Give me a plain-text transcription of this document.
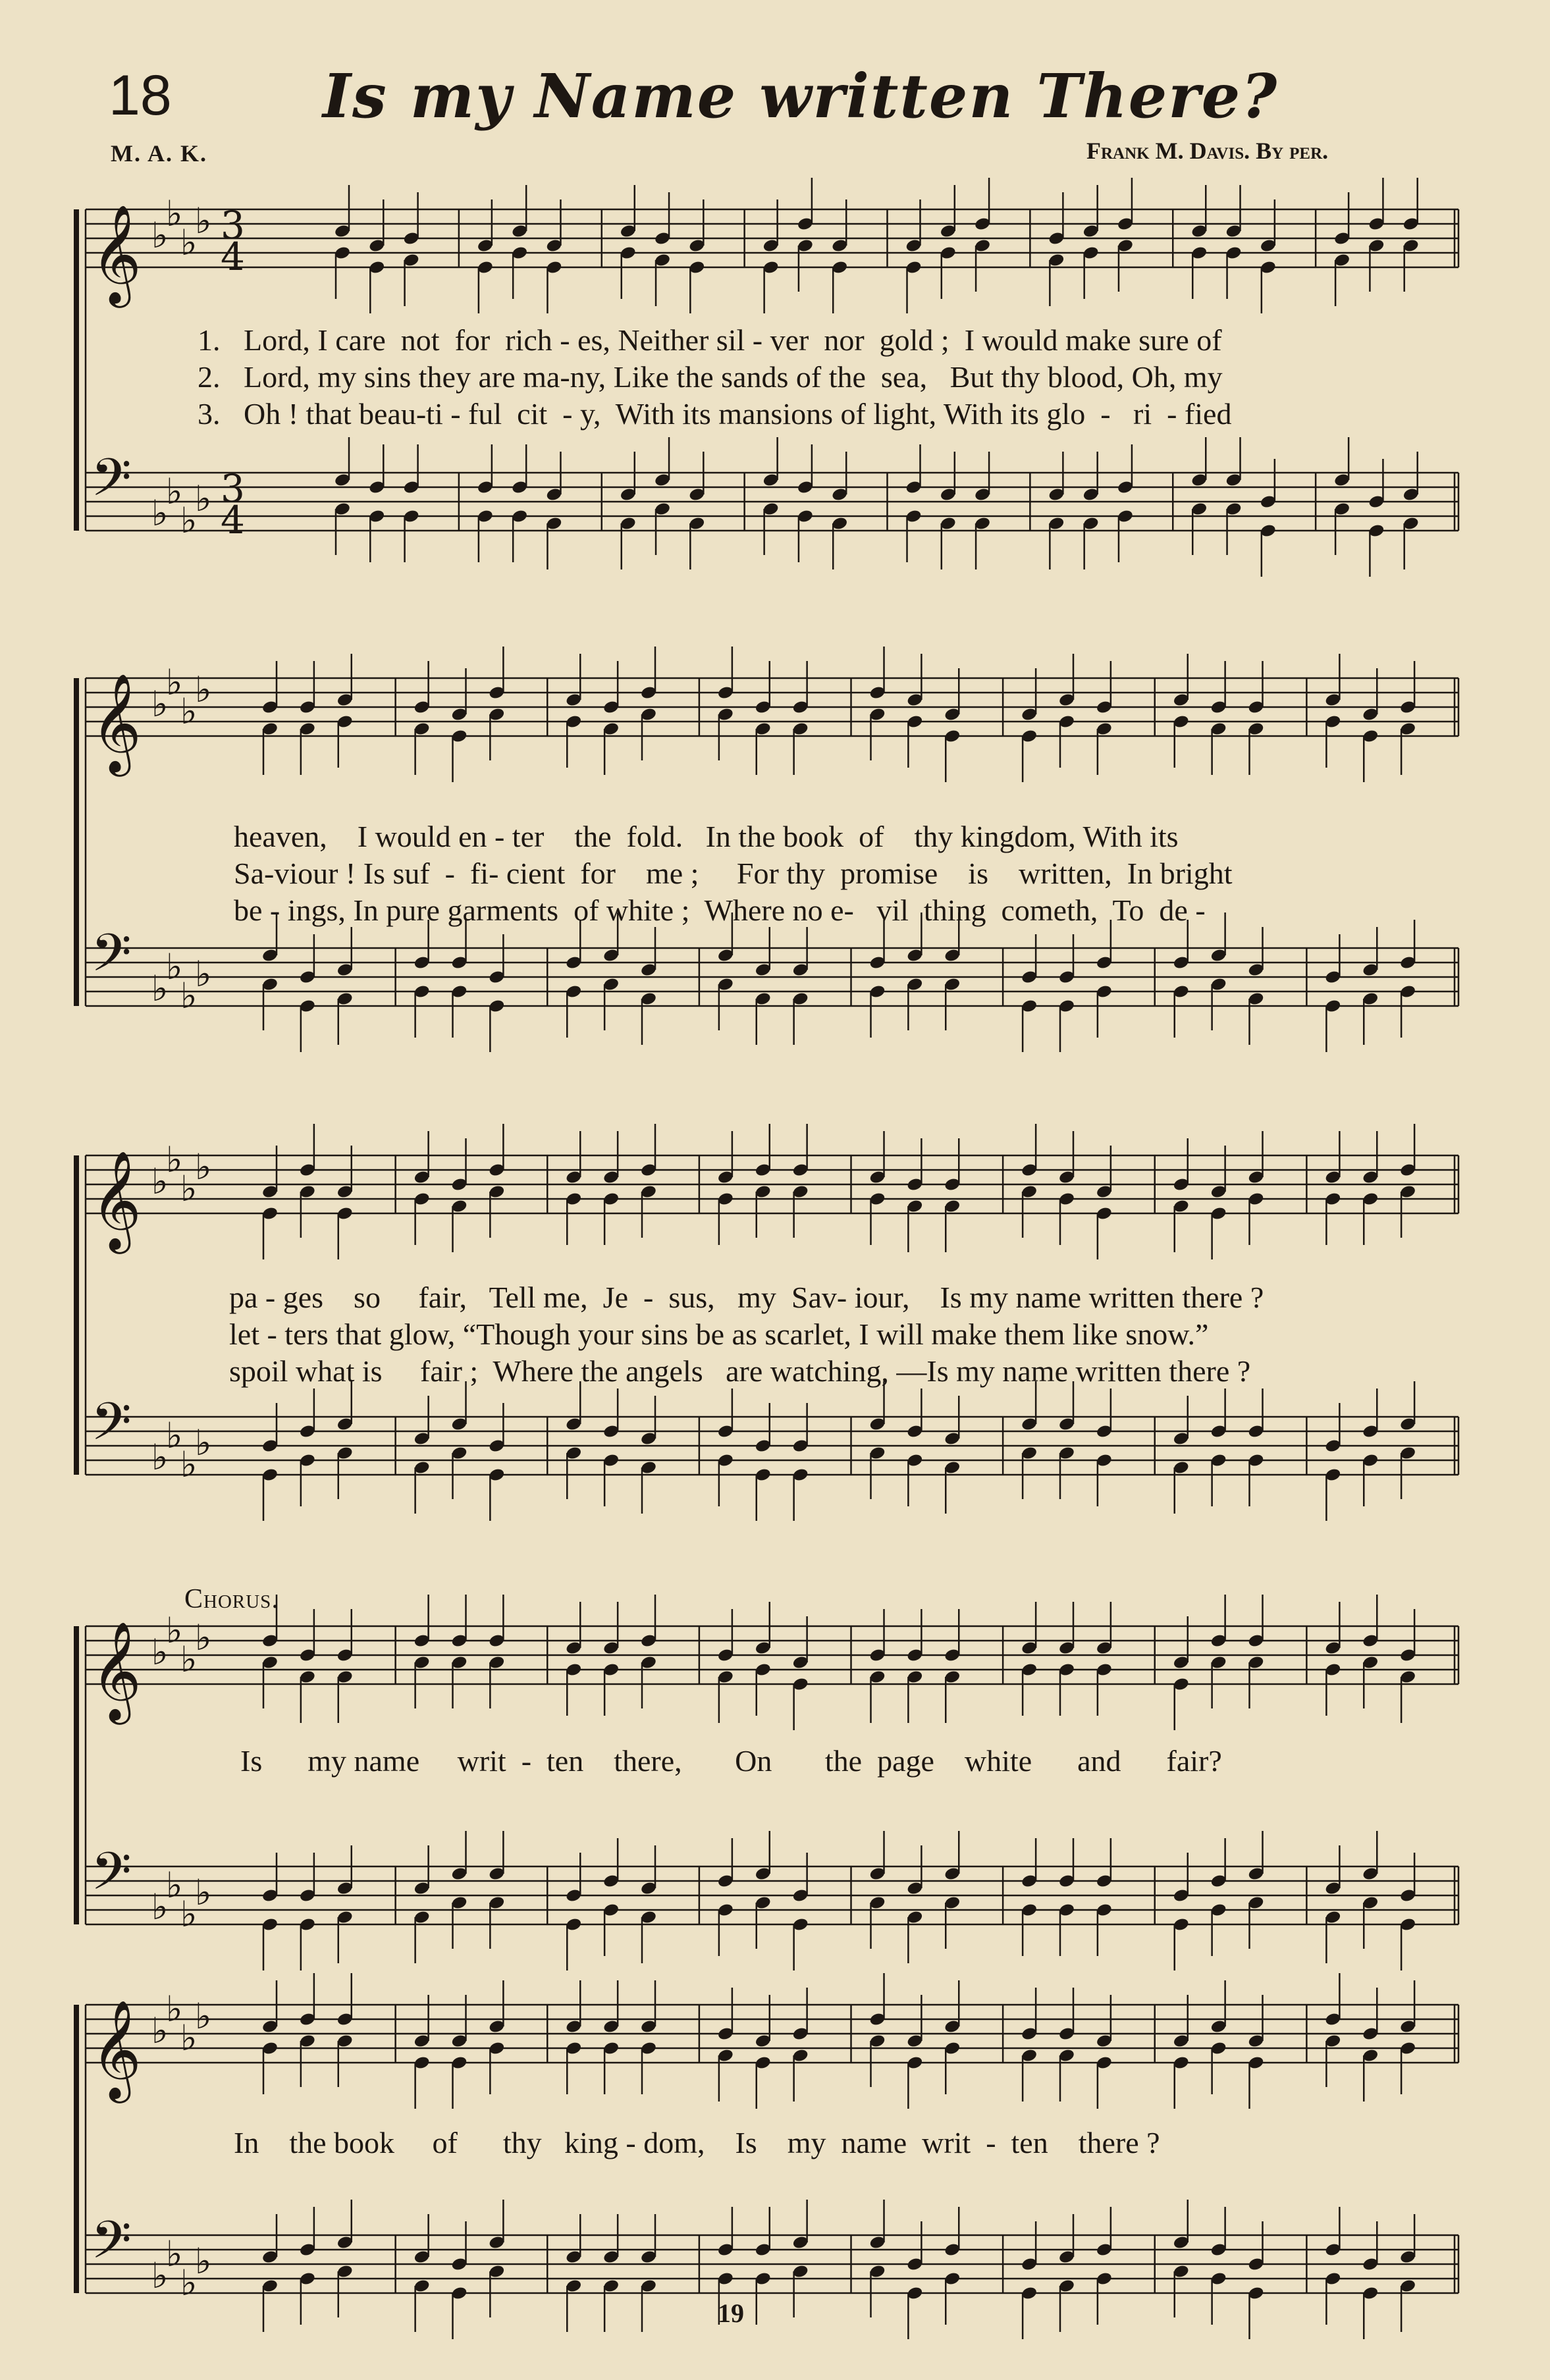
18 Is my Name written There?
M. A. K.	Frank M. Davis. By per.
𝄞
𝄢
♭
♭
♭
♭
♭
♭
♭
♭
3
4
3
4
𝄞
𝄢
♭
♭
♭
♭
♭
♭
♭
♭
𝄞
𝄢
♭
♭
♭
♭
♭
♭
♭
♭
𝄞
𝄢
♭
♭
♭
♭
♭
♭
♭
♭
𝄞
𝄢
♭
♭
♭
♭
♭
♭
♭
♭
1. Lord, I care  not  for  rich - es, Neither sil - ver  nor  gold ;  I would make sure of
2. Lord, my sins they are ma-ny, Like the sands of the  sea,   But thy blood, Oh, my
3. Oh ! that beau-ti - ful  cit  - y,  With its mansions of light, With its glo  -   ri  - fied
heaven,    I would en - ter    the  fold.   In the book  of    thy kingdom, With its
Sa-viour ! Is suf  -  fi- cient  for    me ;     For thy  promise    is    written,  In bright
be - ings, In pure garments  of white ;  Where no e-   vil  thing  cometh,  To  de -
pa - ges    so     fair,   Tell me,  Je  -  sus,   my  Sav- iour,    Is my name written there ?
let - ters that glow, “Though your sins be as scarlet, I will make them like snow.”
spoil what is     fair ;  Where the angels   are watching, —Is my name written there ?
Chorus.
Is      my name     writ  -  ten    there,       On       the  page    white      and      fair?
In    the book     of      thy   king - dom,    Is    my  name  writ  -  ten    there ?
19
